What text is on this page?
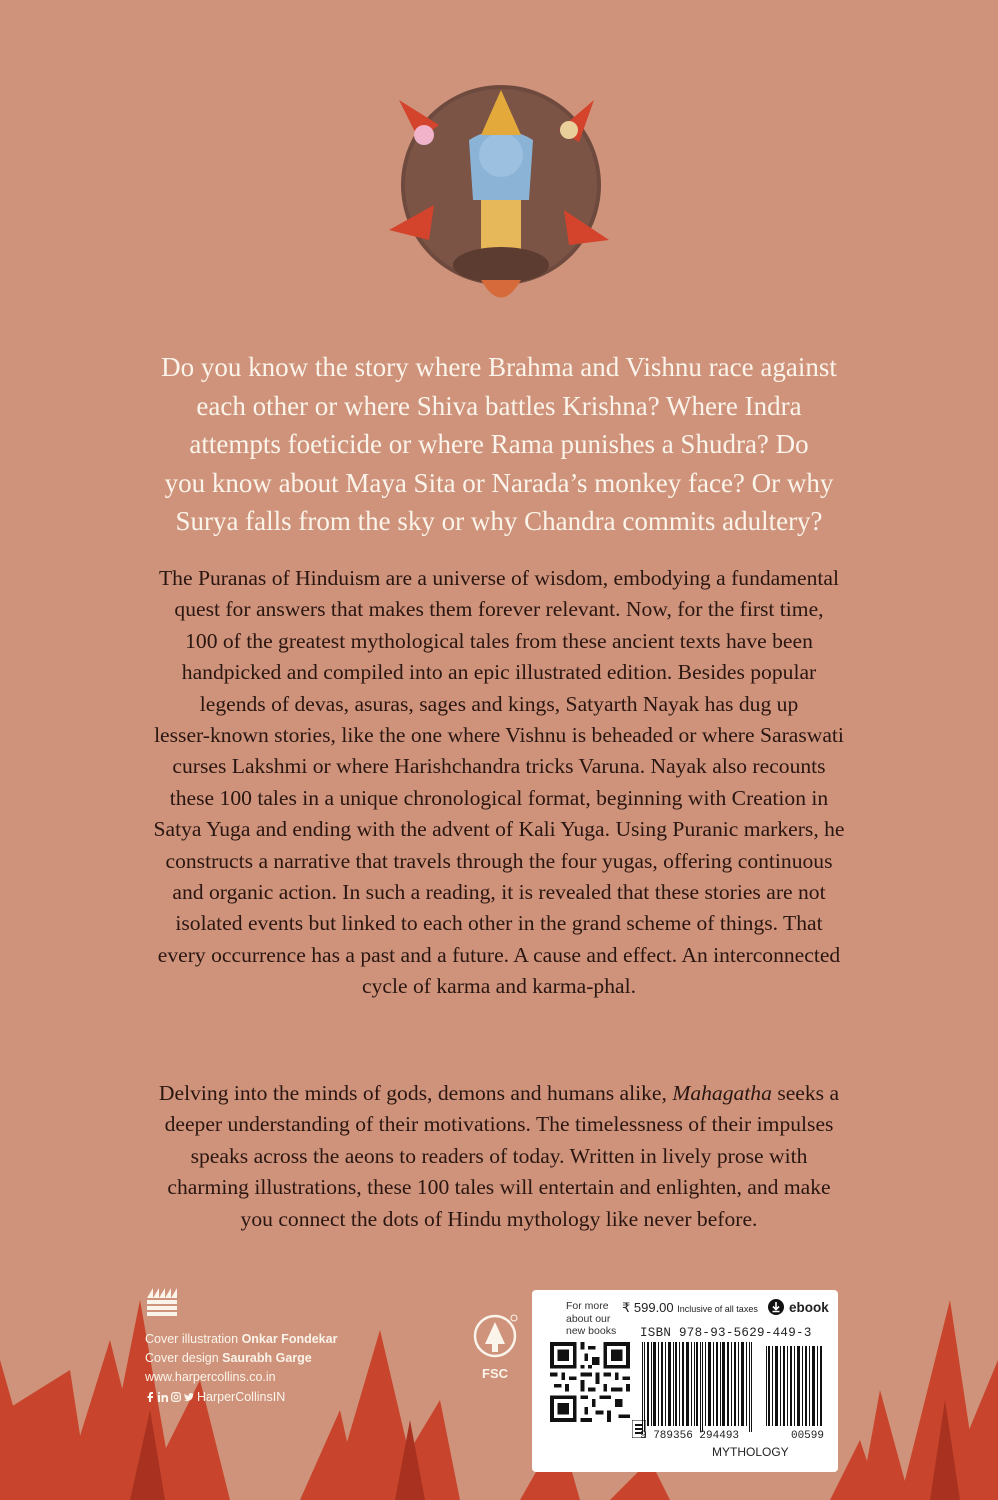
Do you know the story where Brahma and Vishnu race against
each other or where Shiva battles Krishna? Where Indra
attempts foeticide or where Rama punishes a Shudra? Do
you know about Maya Sita or Narada’s monkey face? Or why
Surya falls from the sky or why Chandra commits adultery?

The Puranas of Hinduism are a universe of wisdom, embodying a fundamental
quest for answers that makes them forever relevant. Now, for the first time,
100 of the greatest mythological tales from these ancient texts have been
handpicked and compiled into an epic illustrated edition. Besides popular
legends of devas, asuras, sages and kings, Satyarth Nayak has dug up
lesser-known stories, like the one where Vishnu is beheaded or where Saraswati
curses Lakshmi or where Harishchandra tricks Varuna. Nayak also recounts
these 100 tales in a unique chronological format, beginning with Creation in
Satya Yuga and ending with the advent of Kali Yuga. Using Puranic markers, he
constructs a narrative that travels through the four yugas, offering continuous
and organic action. In such a reading, it is revealed that these stories are not
isolated events but linked to each other in the grand scheme of things. That
every occurrence has a past and a future. A cause and effect. An interconnected
cycle of karma and karma-phal.

Delving into the minds of gods, demons and humans alike, Mahagatha seeks a
deeper understanding of their motivations. The timelessness of their impulses
speaks across the aeons to readers of today. Written in lively prose with
charming illustrations, these 100 tales will entertain and enlighten, and make
you connect the dots of Hindu mythology like never before.

Cover illustration Onkar Fondekar
Cover design Saurabh Garge
www.harpercollins.co.in
HarperCollinsIN
FSC
For more about our new books
₹ 599.00 Inclusive of all taxes ebook
ISBN 978-93-5629-449-3
9 789356 294493	00599
MYTHOLOGY
